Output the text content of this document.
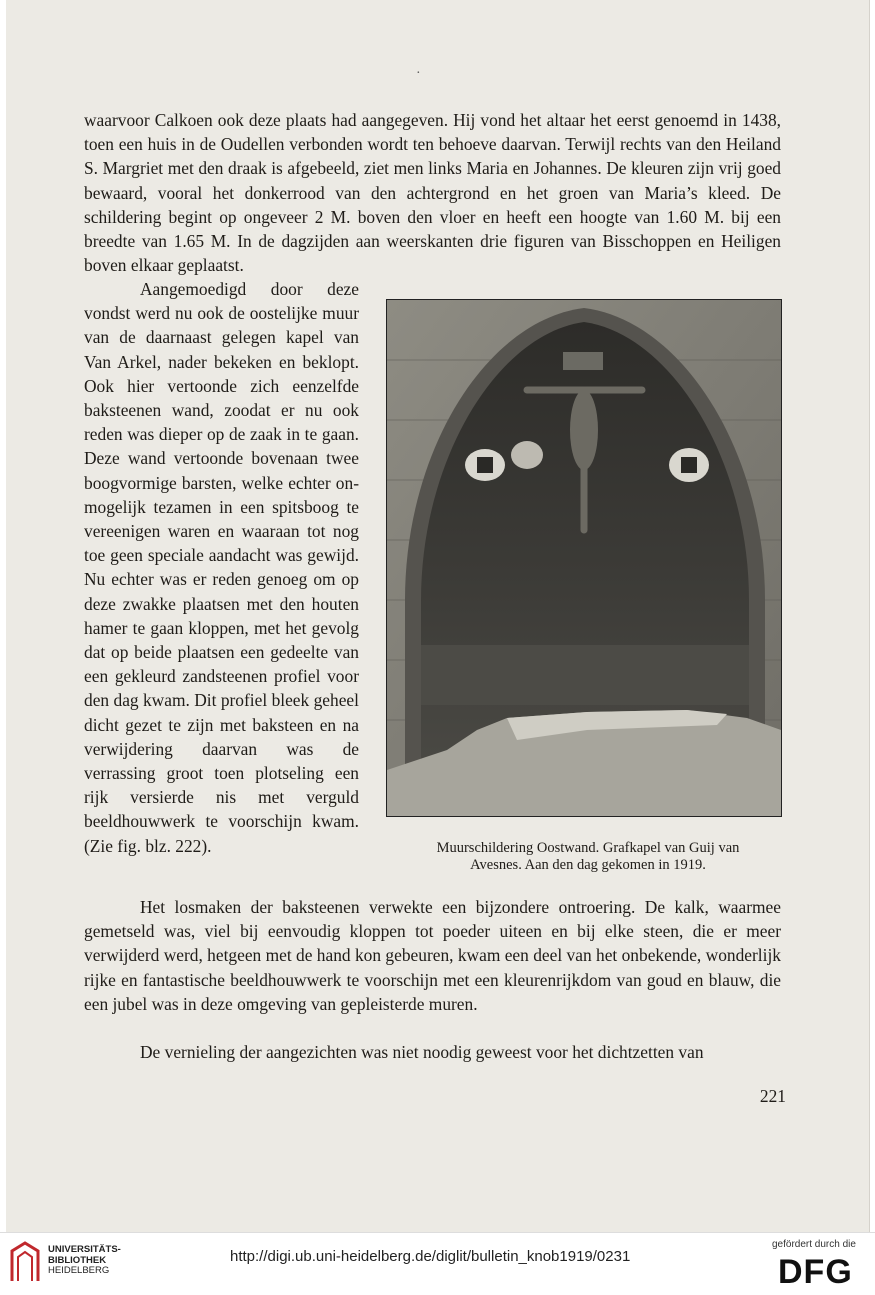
·

waarvoor Calkoen ook deze plaats had aangegeven. Hij vond het altaar het eerst genoemd in 1438, toen een huis in de Oudellen verbonden wordt ten behoeve daarvan. Terwijl rechts van den Heiland S. Margriet met den draak is afgebeeld, ziet men links Maria en Johannes. De kleuren zijn vrij goed bewaard, vooral het donkerrood van den achtergrond en het groen van Maria’s kleed. De schildering begint op ongeveer 2 M. boven den vloer en heeft een hoogte van 1.60 M. bij een breedte van 1.65 M. In de dagzijden aan weerskanten drie figuren van Bisschoppen en Heiligen boven elkaar geplaatst.

Aangemoedigd door deze vondst werd nu ook de oostelijke muur van de daarnaast gelegen kapel van Van Arkel, nader bekeken en beklopt. Ook hier vertoonde zich eenzelfde baksteenen wand, zoodat er nu ook reden was dieper op de zaak in te gaan. Deze wand vertoonde bovenaan twee boogvormige barsten, welke echter onmogelijk tezamen in een spitsboog te vereenigen waren en waaraan tot nog toe geen speciale aandacht was gewijd. Nu echter was er reden genoeg om op deze zwakke plaatsen met den houten hamer te gaan kloppen, met het gevolg dat op beide plaatsen een gedeelte van een gekleurd zandsteenen profiel voor den dag kwam. Dit profiel bleek geheel dicht gezet te zijn met baksteen en na verwijdering daarvan was de verrassing groot toen plotseling een rijk versierde nis met verguld beeldhouwwerk te voorschijn kwam. (Zie fig. blz. 222).	Muurschildering Oostwand. Grafkapel van Guij van
Avesnes. Aan den dag gekomen in 1919.

Het losmaken der baksteenen verwekte een bijzondere ontroering. De kalk, waarmee gemetseld was, viel bij eenvoudig kloppen tot poeder uiteen en bij elke steen, die er meer verwijderd werd, hetgeen met de hand kon gebeuren, kwam een deel van het onbekende, wonderlijk rijke en fantastische beeldhouwwerk te voorschijn met een kleurenrijkdom van goud en blauw, die een jubel was in deze omgeving van gepleisterde muren.

De vernieling der aangezichten was niet noodig geweest voor het dichtzetten van

221
UNIVERSITÄTS-
BIBLIOTHEK
HEIDELBERG
http://digi.ub.uni-heidelberg.de/diglit/bulletin_knob1919/0231
gefördert durch die
DFG
